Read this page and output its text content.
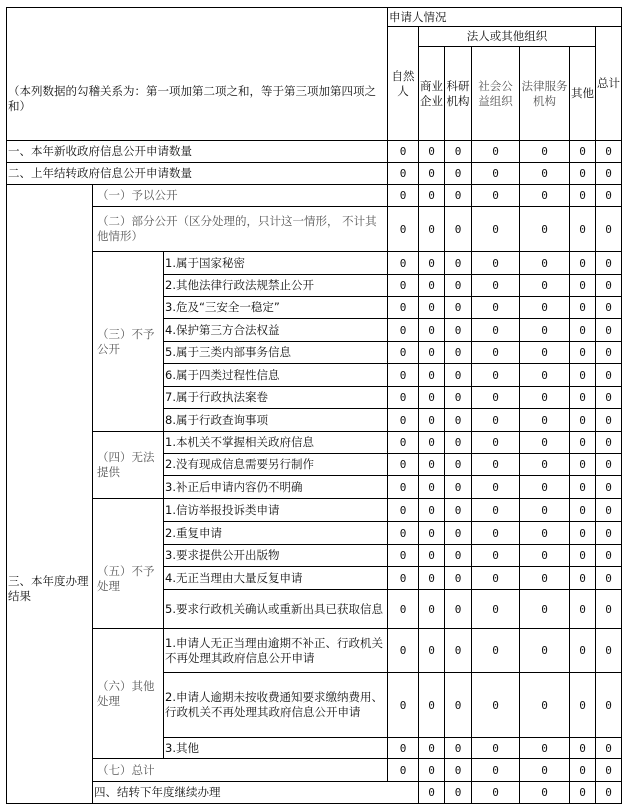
（本列数据的勾稽关系为：第一项加第二项之和，等于第三项加第四项之和）			申请人情况							
			自然人	法人或其他组织					总计	
				商业企业	科研机构	社会公益组织	法律服务机构	其他		
一、本年新收政府信息公开申请数量			0	0	0	0	0	0	0	
二、上年结转政府信息公开申请数量			0	0	0	0	0	0	0	
三、本年度办理结果	（一）予以公开		0	0	0	0	0	0	0	
	（二）部分公开（区分处理的，只计这一情形， 不计其他情形）		0	0	0	0	0	0	0	
	（三）不予公开	1.属于国家秘密	0	0	0	0	0	0	0	
		2.其他法律行政法规禁止公开	0	0	0	0	0	0	0	
		3.危及“三安全一稳定”	0	0	0	0	0	0	0	
		4.保护第三方合法权益	0	0	0	0	0	0	0	
		5.属于三类内部事务信息	0	0	0	0	0	0	0	
		6.属于四类过程性信息	0	0	0	0	0	0	0	
		7.属于行政执法案卷	0	0	0	0	0	0	0	
		8.属于行政查询事项	0	0	0	0	0	0	0	
	（四）无法提供	1.本机关不掌握相关政府信息	0	0	0	0	0	0	0	
		2.没有现成信息需要另行制作	0	0	0	0	0	0	0	
		3.补正后申请内容仍不明确	0	0	0	0	0	0	0	
	（五）不予处理	1.信访举报投诉类申请	0	0	0	0	0	0	0	
		2.重复申请	0	0	0	0	0	0	0	
		3.要求提供公开出版物	0	0	0	0	0	0	0	
		4.无正当理由大量反复申请	0	0	0	0	0	0	0	
		5.要求行政机关确认或重新出具已获取信息	0	0	0	0	0	0	0	
	（六）其他处理	1.申请人无正当理由逾期不补正、行政机关不再处理其政府信息公开申请	0	0	0	0	0	0	0	
		2.申请人逾期未按收费通知要求缴纳费用、行政机关不再处理其政府信息公开申请	0	0	0	0	0	0	0	
		3.其他	0	0	0	0	0	0	0	
	（七）总计		0	0	0	0	0	0	0	
	四、结转下年度继续办理			0	0	0	0	0	0	
